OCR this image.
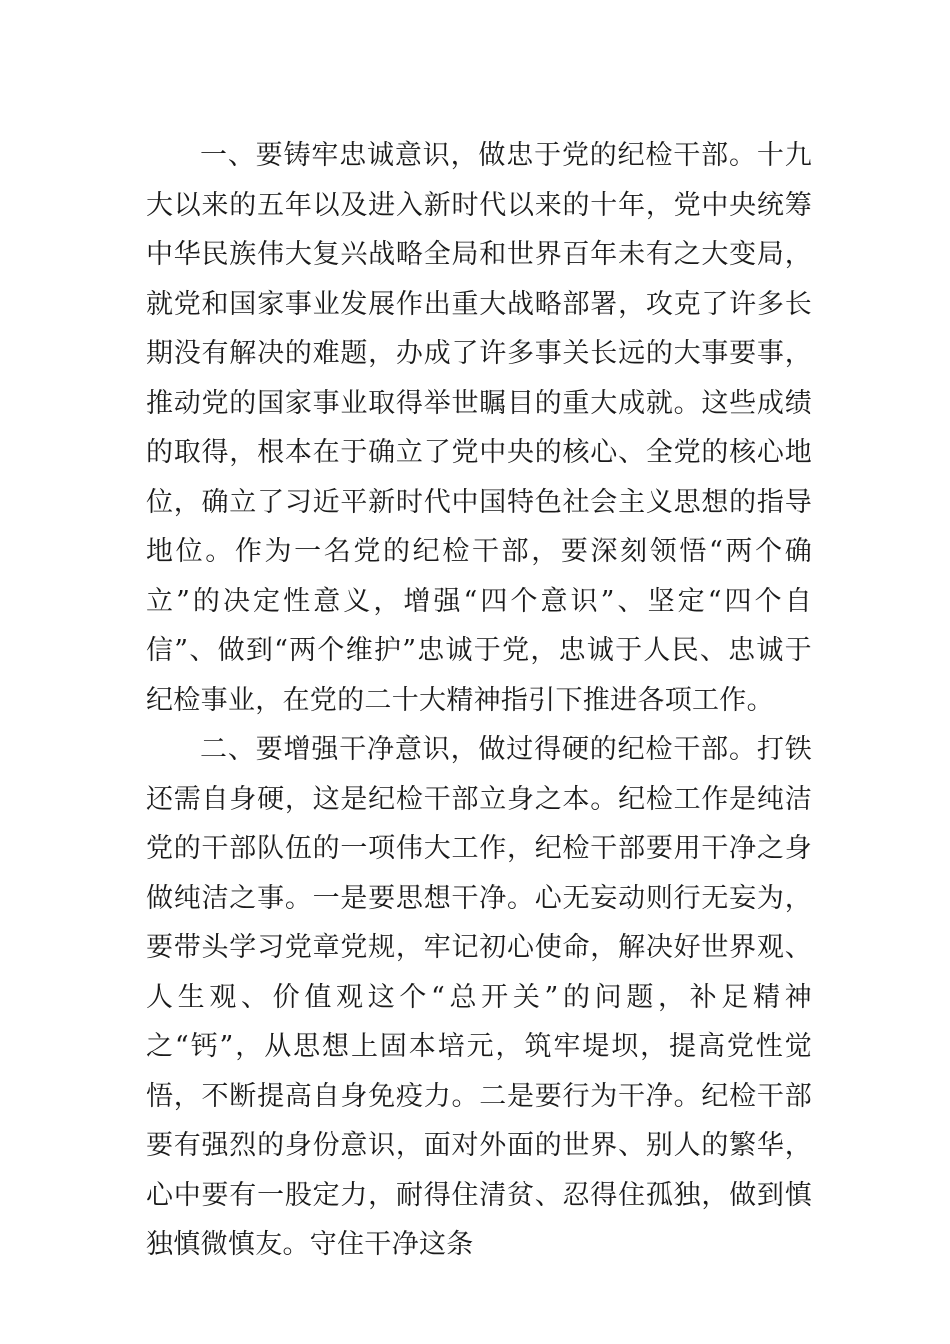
一、要铸牢忠诚意识，做忠于党的纪检干部。十九大以来的五年以及进入新时代以来的十年，党中央统筹中华民族伟大复兴战略全局和世界百年未有之大变局，就党和国家事业发展作出重大战略部署，攻克了许多长期没有解决的难题，办成了许多事关长远的大事要事，推动党的国家事业取得举世瞩目的重大成就。这些成绩的取得，根本在于确立了党中央的核心、全党的核心地位，确立了习近平新时代中国特色社会主义思想的指导地位。作为一名党的纪检干部，要深刻领悟“两个确立”的决定性意义，增强“四个意识”、坚定“四个自信”、做到“两个维护”忠诚于党，忠诚于人民、忠诚于纪检事业，在党的二十大精神指引下推进各项工作。

二、要增强干净意识，做过得硬的纪检干部。打铁还需自身硬，这是纪检干部立身之本。纪检工作是纯洁党的干部队伍的一项伟大工作，纪检干部要用干净之身做纯洁之事。一是要思想干净。心无妄动则行无妄为，要带头学习党章党规，牢记初心使命，解决好世界观、人生观、价值观这个“总开关”的问题，补足精神之“钙”，从思想上固本培元，筑牢堤坝，提高党性觉悟，不断提高自身免疫力。二是要行为干净。纪检干部要有强烈的身份意识，面对外面的世界、别人的繁华，心中要有一股定力，耐得住清贫、忍得住孤独，做到慎独慎微慎友。守住干净这条
